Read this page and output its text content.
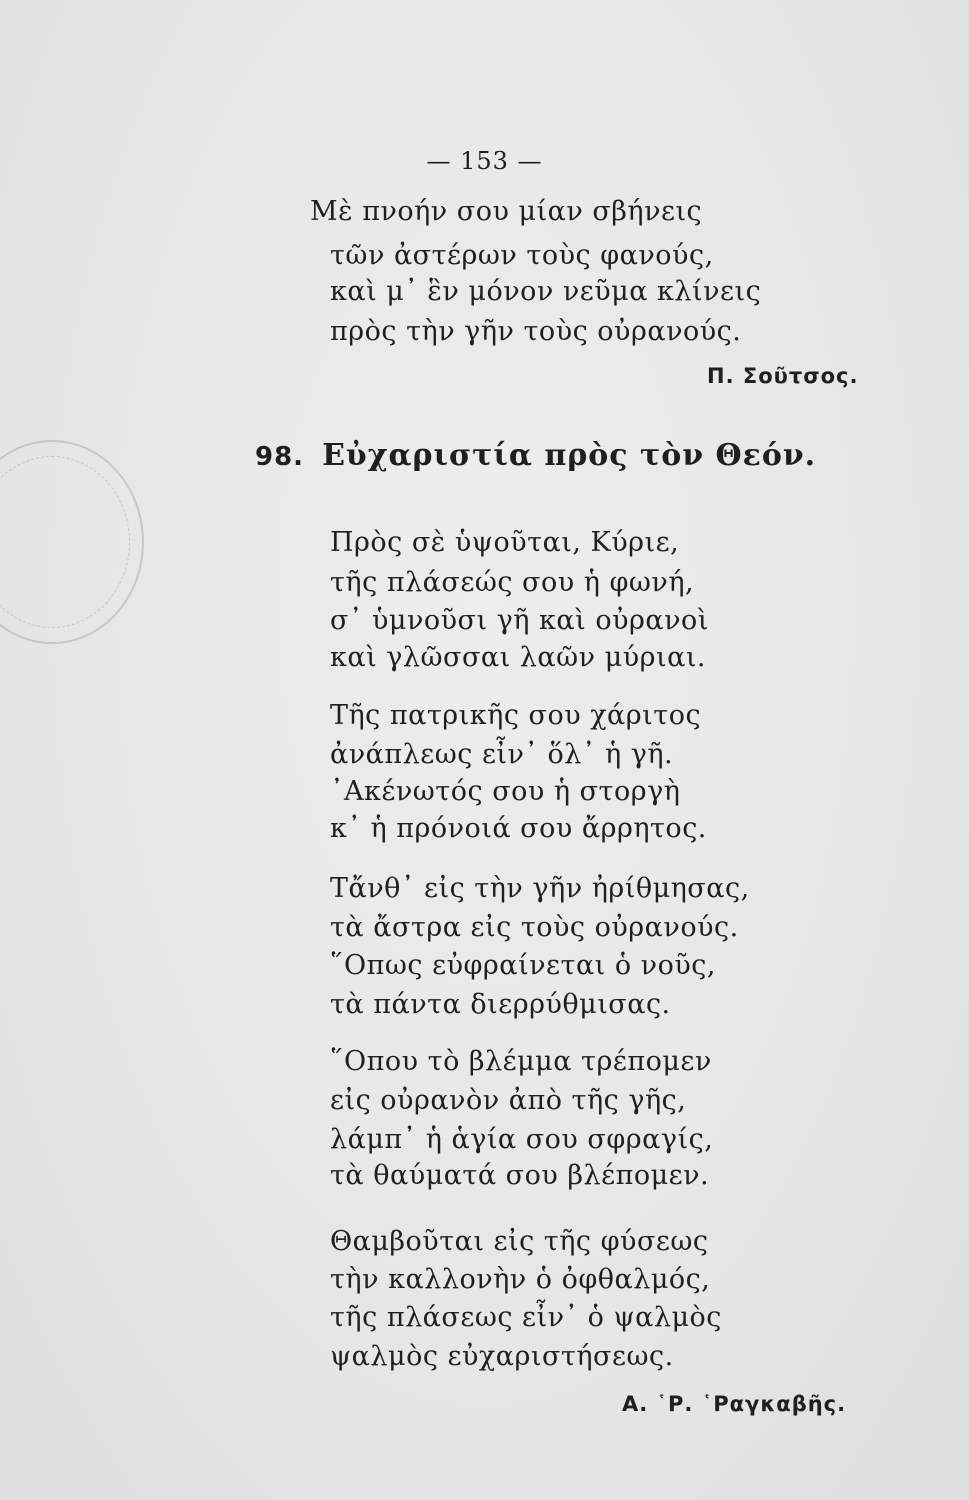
— 153 —
Μὲ πνοήν σου μίαν σβήνεις
τῶν ἀστέρων τοὺς φανούς,
καὶ μ᾽ ἓν μόνον νεῦμα κλίνεις
πρὸς τὴν γῆν τοὺς οὐρανούς.
Π. Σοῦτσος.
98. Εὐχαριστία πρὸς τὸν Θεόν.
Πρὸς σὲ ὑψοῦται, Κύριε,
τῆς πλάσεώς σου ἡ φωνή,
σ᾽ ὑμνοῦσι γῆ καὶ οὐρανοὶ
καὶ γλῶσσαι λαῶν μύριαι.
Τῆς πατρικῆς σου χάριτος
ἀνάπλεως εἶν᾽ ὅλ᾽ ἡ γῆ.
᾽Ακένωτός σου ἡ στοργὴ
κ᾽ ἡ πρόνοιά σου ἄρρητος.
Τἄνθ᾽ εἰς τὴν γῆν ἠρίθμησας,
τὰ ἄστρα εἰς τοὺς οὐρανούς.
῞Οπως εὐφραίνεται ὁ νοῦς,
τὰ πάντα διερρύθμισας.
῞Οπου τὸ βλέμμα τρέπομεν
εἰς οὐρανὸν ἀπὸ τῆς γῆς,
λάμπ᾽ ἡ ἁγία σου σφραγίς,
τὰ θαύματά σου βλέπομεν.
Θαμβοῦται εἰς τῆς φύσεως
τὴν καλλονὴν ὁ ὀφθαλμός,
τῆς πλάσεως εἶν᾽ ὁ ψαλμὸς
ψαλμὸς εὐχαριστήσεως.
Α. ῾Ρ. ῾Ραγκαβῆς.
